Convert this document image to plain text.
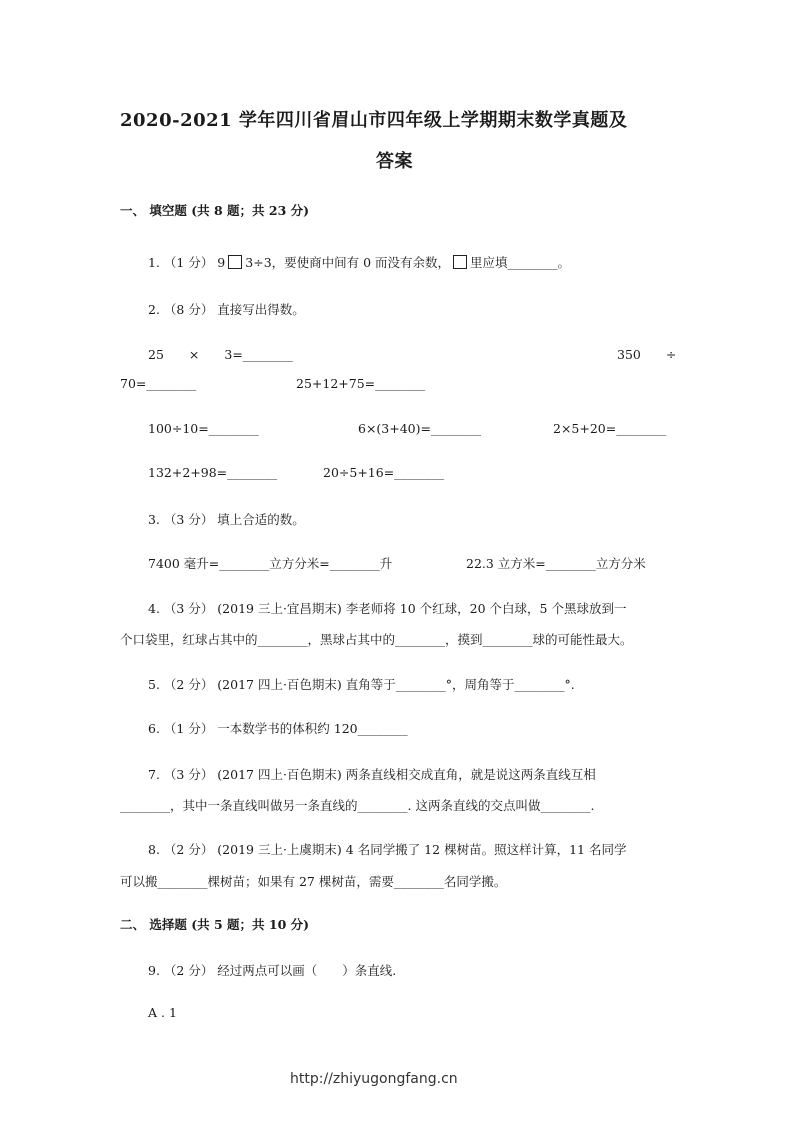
2020-2021 学年四川省眉山市四年级上学期期末数学真题及
答案
一、 填空题 (共 8 题；共 23 分)
1. （1 分） 9 3÷3，要使商中间有 0 而没有余数， 里应填________。
2. （8 分） 直接写出得数。
25　　×　　3=________	350　　÷
70=________	25+12+75=________
100÷10=________	6×(3+40)=________	2×5+20=________
132+2+98=________	20÷5+16=________
3. （3 分） 填上合适的数。
7400 毫升=________立方分米=________升	22.3 立方米=________立方分米
4. （3 分） (2019 三上·宜昌期末) 李老师将 10 个红球，20 个白球，5 个黑球放到一
个口袋里，红球占其中的________，黑球占其中的________，摸到________球的可能性最大。
5. （2 分） (2017 四上·百色期末) 直角等于________°，周角等于________°.
6. （1 分） 一本数学书的体积约 120________
7. （3 分） (2017 四上·百色期末) 两条直线相交成直角，就是说这两条直线互相
________，其中一条直线叫做另一条直线的________. 这两条直线的交点叫做________.
8. （2 分） (2019 三上·上虞期末) 4 名同学搬了 12 棵树苗。照这样计算，11 名同学
可以搬________棵树苗；如果有 27 棵树苗，需要________名同学搬。
二、 选择题 (共 5 题；共 10 分)
9. （2 分） 经过两点可以画（　　）条直线.
A . 1
http://zhiyugongfang.cn
